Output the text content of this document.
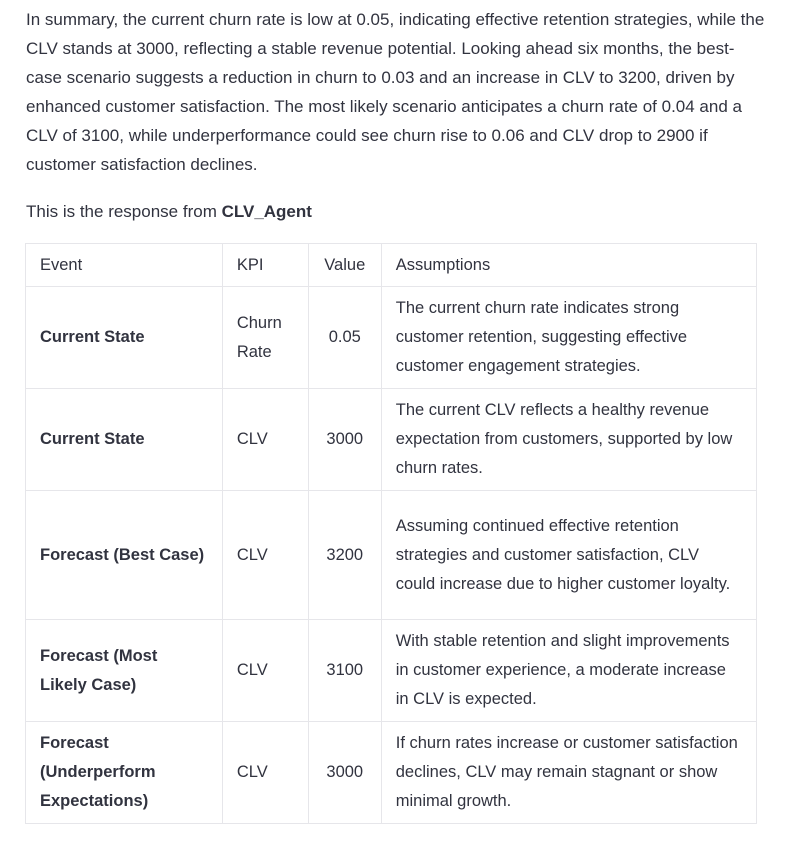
In summary, the current churn rate is low at 0.05, indicating effective retention strategies, while the CLV stands at 3000, reflecting a stable revenue potential. Looking ahead six months, the best-case scenario suggests a reduction in churn to 0.03 and an increase in CLV to 3200, driven by enhanced customer satisfaction. The most likely scenario anticipates a churn rate of 0.04 and a CLV of 3100, while underperformance could see churn rise to 0.06 and CLV drop to 2900 if customer satisfaction declines.

This is the response from CLV_Agent

Event	KPI	Value	Assumptions
Current State	Churn Rate	0.05	The current churn rate indicates strong customer retention, suggesting effective customer engagement strategies.
Current State	CLV	3000	The current CLV reflects a healthy revenue expectation from customers, supported by low churn rates.
Forecast (Best Case)	CLV	3200	Assuming continued effective retention strategies and customer satisfaction, CLV could increase due to higher customer loyalty.
Forecast (Most Likely Case)	CLV	3100	With stable retention and slight improvements in customer experience, a moderate increase in CLV is expected.
Forecast (Underperform Expectations)	CLV	3000	If churn rates increase or customer satisfaction declines, CLV may remain stagnant or show minimal growth.
